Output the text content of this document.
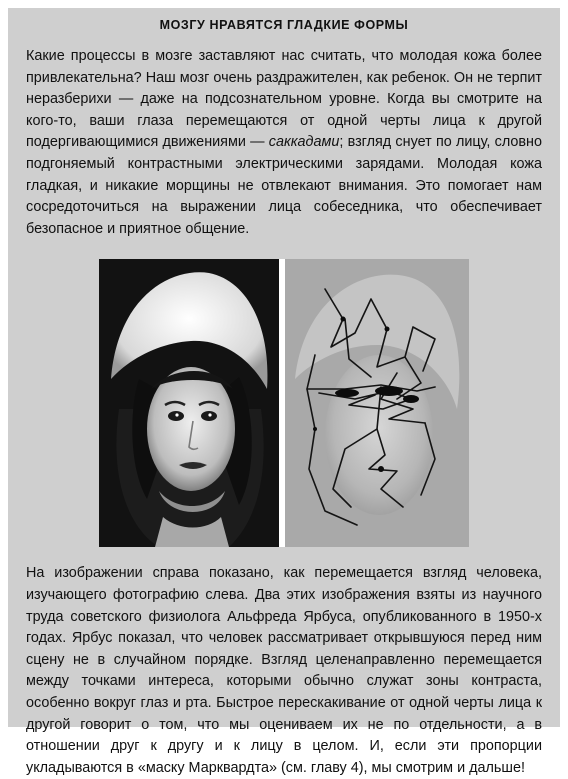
МОЗГУ НРАВЯТСЯ ГЛАДКИЕ ФОРМЫ

Какие процессы в мозге заставляют нас считать, что молодая кожа более привлекательна? Наш мозг очень раздражителен, как ребенок. Он не терпит неразберихи — даже на подсознательном уровне. Когда вы смотрите на кого-то, ваши глаза перемещаются от одной черты лица к другой подергивающимися движениями — саккадами; взгляд снует по лицу, словно подгоняемый контрастными электрическими зарядами. Молодая кожа гладкая, и никакие морщины не отвлекают внимания. Это помогает нам сосредоточиться на выражении лица собеседника, что обеспечивает безопасное и приятное общение.

На изображении справа показано, как перемещается взгляд человека, изучающего фотографию слева. Два этих изображения взяты из научного труда советского физиолога Альфреда Ярбуса, опубликованного в 1950-х годах. Ярбус показал, что человек рассматривает открывшуюся перед ним сцену не в случайном порядке. Взгляд целенаправленно перемещается между точками интереса, которыми обычно служат зоны контраста, особенно вокруг глаз и рта. Быстрое перескакивание от одной черты лица к другой говорит о том, что мы оцениваем их не по отдельности, а в отношении друг к другу и к лицу в целом. И, если эти пропорции укладываются в «маску Марквардта» (см. главу 4), мы смотрим и дальше!
